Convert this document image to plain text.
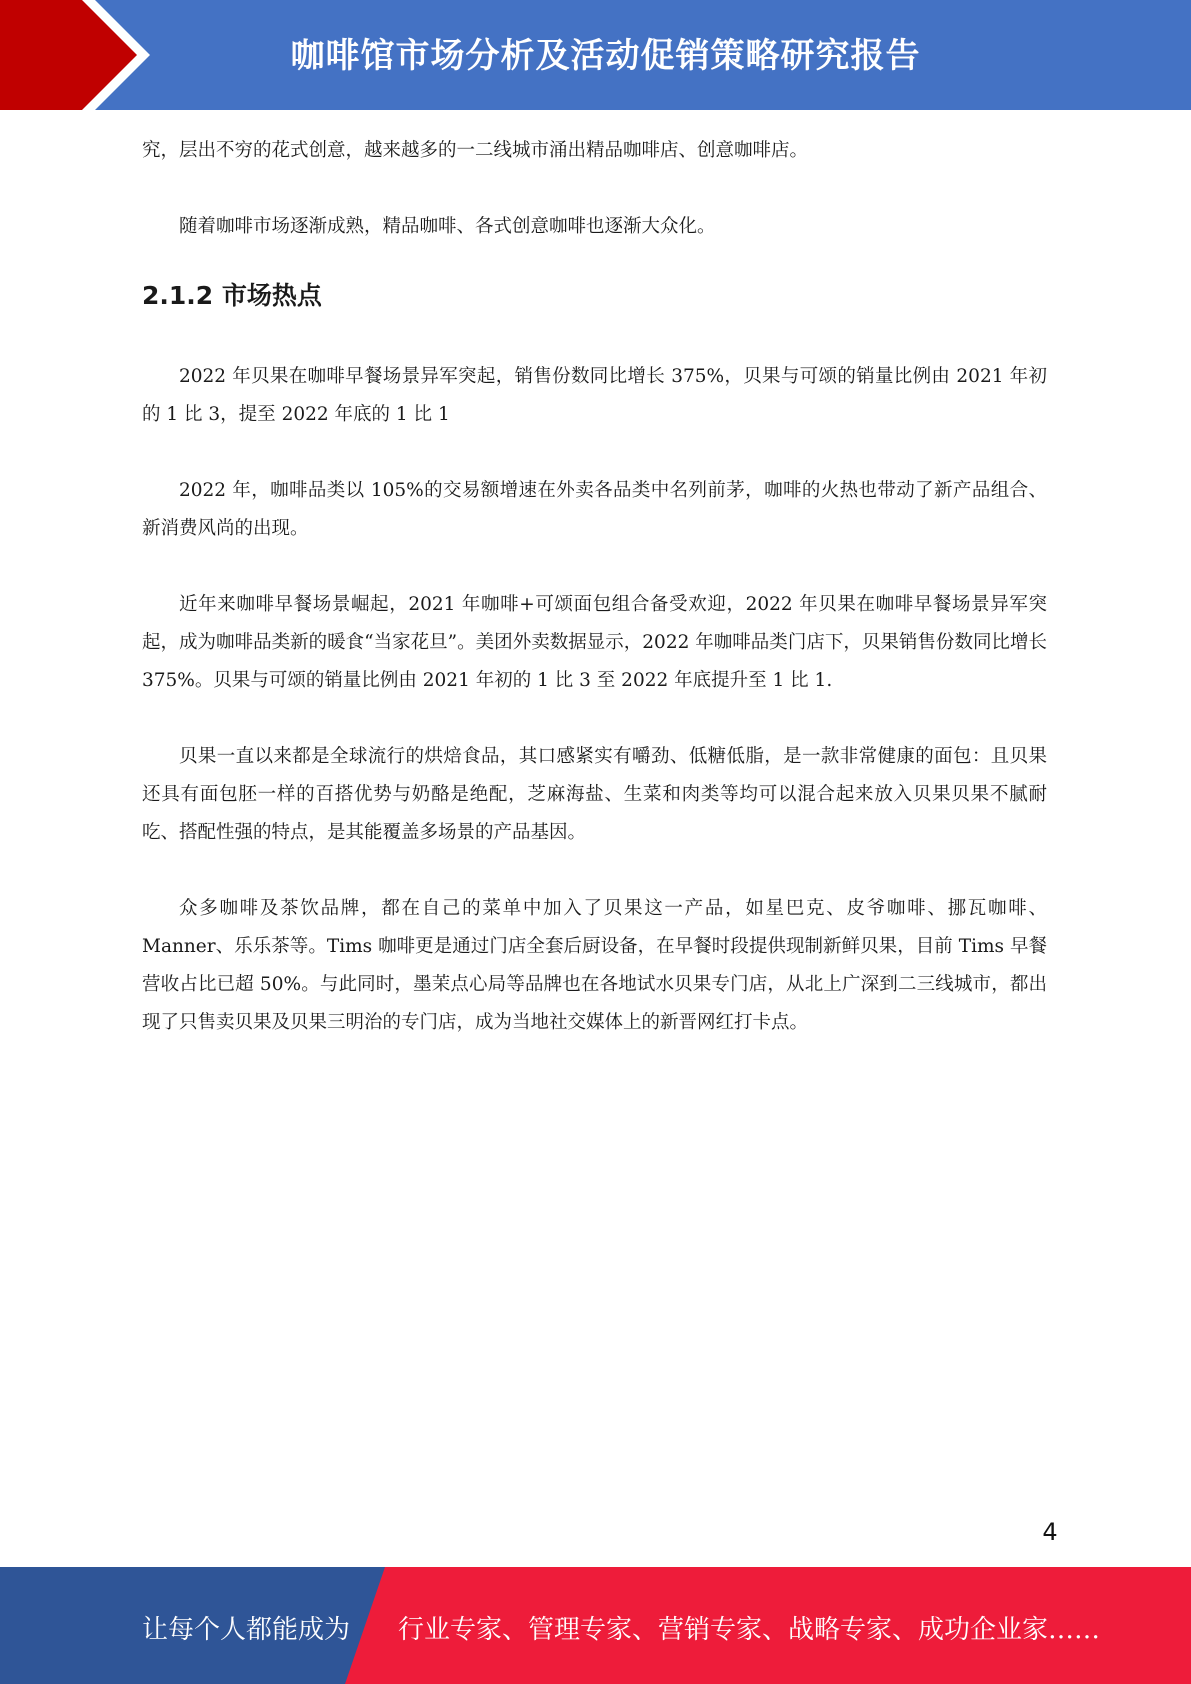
咖啡馆市场分析及活动促销策略研究报告

究，层出不穷的花式创意，越来越多的一二线城市涌出精品咖啡店、创意咖啡店。

随着咖啡市场逐渐成熟，精品咖啡、各式创意咖啡也逐渐大众化。

2.1.2 市场热点

2022 年贝果在咖啡早餐场景异军突起，销售份数同比增长 375%，贝果与可颂的销量比例由 2021 年初的 1 比 3，提至 2022 年底的 1 比 1

2022 年，咖啡品类以 105%的交易额增速在外卖各品类中名列前茅，咖啡的火热也带动了新产品组合、新消费风尚的出现。

近年来咖啡早餐场景崛起，2021 年咖啡+可颂面包组合备受欢迎，2022 年贝果在咖啡早餐场景异军突起，成为咖啡品类新的暖食“当家花旦”。美团外卖数据显示，2022 年咖啡品类门店下，贝果销售份数同比增长 375%。贝果与可颂的销量比例由 2021 年初的 1 比 3 至 2022 年底提升至 1 比 1.

贝果一直以来都是全球流行的烘焙食品，其口感紧实有嚼劲、低糖低脂，是一款非常健康的面包：且贝果还具有面包胚一样的百搭优势与奶酪是绝配，芝麻海盐、生菜和肉类等均可以混合起来放入贝果贝果不腻耐吃、搭配性强的特点，是其能覆盖多场景的产品基因。

众多咖啡及茶饮品牌，都在自己的菜单中加入了贝果这一产品，如星巴克、皮爷咖啡、挪瓦咖啡、Manner、乐乐茶等。Tims 咖啡更是通过门店全套后厨设备，在早餐时段提供现制新鲜贝果，目前 Tims 早餐营收占比已超 50%。与此同时，墨茉点心局等品牌也在各地试水贝果专门店，从北上广深到二三线城市，都出现了只售卖贝果及贝果三明治的专门店，成为当地社交媒体上的新晋网红打卡点。

4
让每个人都能成为 行业专家、管理专家、营销专家、战略专家、成功企业家……
